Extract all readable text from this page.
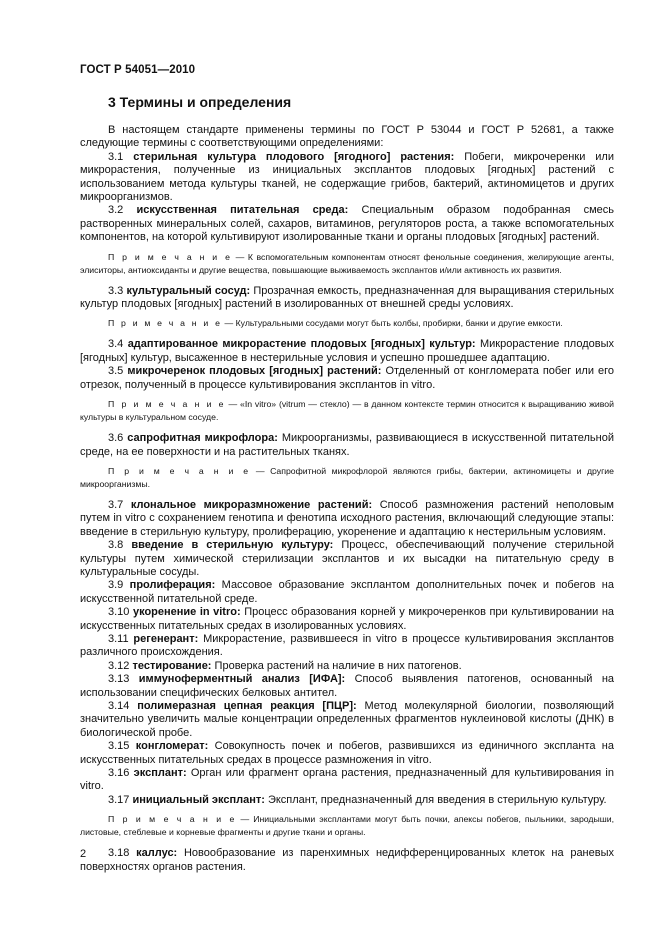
ГОСТ Р 54051—2010
3 Термины и определения

В настоящем стандарте применены термины по ГОСТ Р 53044 и ГОСТ Р 52681, а также следующие термины с соответствующими определениями:

3.1 стерильная культура плодового [ягодного] растения: Побеги, микрочеренки или микрорастения, полученные из инициальных эксплантов плодовых [ягодных] растений с использованием метода культуры тканей, не содержащие грибов, бактерий, актиномицетов и других микроорганизмов.

3.2 искусственная питательная среда: Специальным образом подобранная смесь растворенных минеральных солей, сахаров, витаминов, регуляторов роста, а также вспомогательных компонентов, на которой культивируют изолированные ткани и органы плодовых [ягодных] растений.

П р и м е ч а н и е — К вспомогательным компонентам относят фенольные соединения, желирующие агенты, элиситоры, антиоксиданты и другие вещества, повышающие выживаемость эксплантов и/или активность их развития.

3.3 культуральный сосуд: Прозрачная емкость, предназначенная для выращивания стерильных культур плодовых [ягодных] растений в изолированных от внешней среды условиях.

П р и м е ч а н и е — Культуральными сосудами могут быть колбы, пробирки, банки и другие емкости.

3.4 адаптированное микрорастение плодовых [ягодных] культур: Микрорастение плодовых [ягодных] культур, высаженное в нестерильные условия и успешно прошедшее адаптацию.

3.5 микрочеренок плодовых [ягодных] растений: Отделенный от конгломерата побег или его отрезок, полученный в процессе культивирования эксплантов in vitro.

П р и м е ч а н и е — «In vitro» (vitrum — стекло) — в данном контексте термин относится к выращиванию живой культуры в культуральном сосуде.

3.6 сапрофитная микрофлора: Микроорганизмы, развивающиеся в искусственной питательной среде, на ее поверхности и на растительных тканях.

П р и м е ч а н и е — Сапрофитной микрофлорой являются грибы, бактерии, актиномицеты и другие микроорганизмы.

3.7 клональное микроразмножение растений: Способ размножения растений неполовым путем in vitro с сохранением генотипа и фенотипа исходного растения, включающий следующие этапы: введение в стерильную культуру, пролиферацию, укоренение и адаптацию к нестерильным условиям.

3.8 введение в стерильную культуру: Процесс, обеспечивающий получение стерильной культуры путем химической стерилизации эксплантов и их высадки на питательную среду в культуральные сосуды.

3.9 пролиферация: Массовое образование эксплантом дополнительных почек и побегов на искусственной питательной среде.

3.10 укоренение in vitro: Процесс образования корней у микрочеренков при культивировании на искусственных питательных средах в изолированных условиях.

3.11 регенерант: Микрорастение, развившееся in vitro в процессе культивирования эксплантов различного происхождения.

3.12 тестирование: Проверка растений на наличие в них патогенов.

3.13 иммуноферментный анализ [ИФА]: Способ выявления патогенов, основанный на использовании специфических белковых антител.

3.14 полимеразная цепная реакция [ПЦР]: Метод молекулярной биологии, позволяющий значительно увеличить малые концентрации определенных фрагментов нуклеиновой кислоты (ДНК) в биологической пробе.

3.15 конгломерат: Совокупность почек и побегов, развившихся из единичного экспланта на искусственных питательных средах в процессе размножения in vitro.

3.16 эксплант: Орган или фрагмент органа растения, предназначенный для культивирования in vitro.

3.17 инициальный эксплант: Эксплант, предназначенный для введения в стерильную культуру.

П р и м е ч а н и е — Инициальными эксплантами могут быть почки, апексы побегов, пыльники, зародыши, листовые, стеблевые и корневые фрагменты и другие ткани и органы.

3.18 каллус: Новообразование из паренхимных недифференцированных клеток на раневых поверхностях органов растения.

2
